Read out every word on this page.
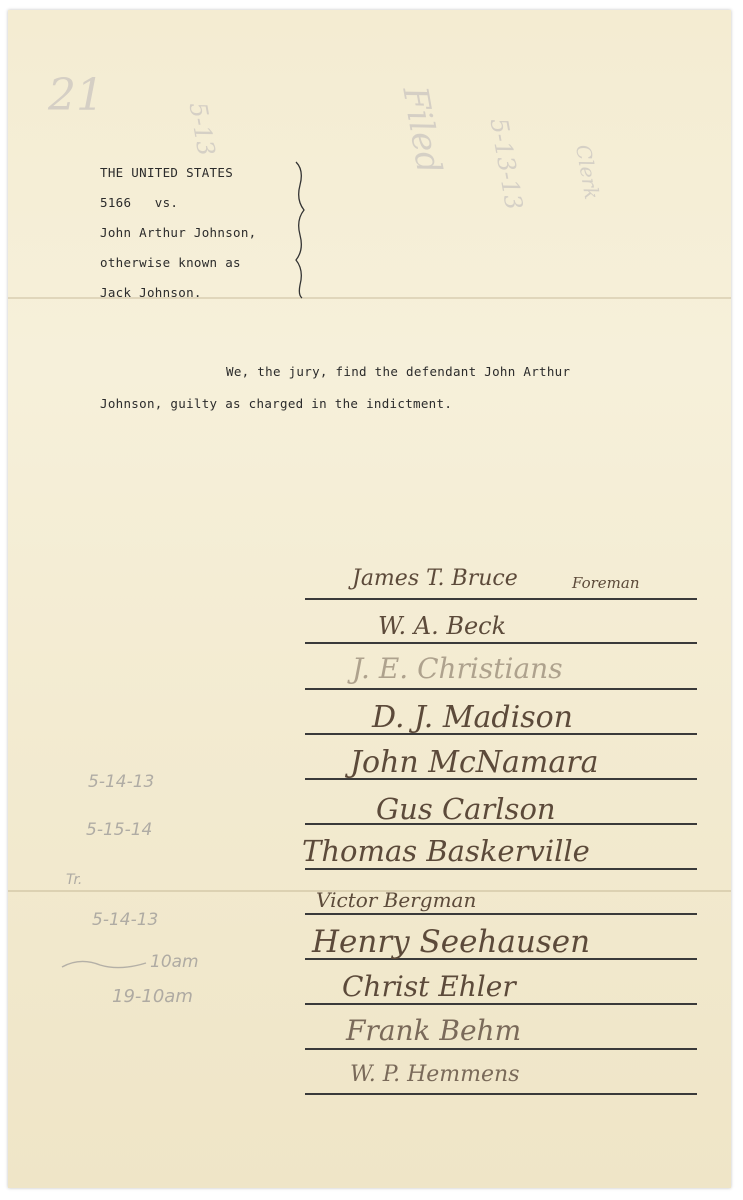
21
5-13	Filed	Clerk
5-13-13
THE UNITED STATES
5166   vs.
John Arthur Johnson,
otherwise known as
Jack Johnson.
We, the jury, find the defendant John Arthur
Johnson, guilty as charged in the indictment.
James T. Bruce	Foreman
W. A. Beck
J. E. Christians
D. J. Madison
John McNamara
Gus Carlson
Thomas Baskerville
Victor Bergman
Henry Seehausen
Christ Ehler
Frank Behm
W. P. Hemmens
5-14-13
5-15-14
Tr.
5-14-13
10am
19-10am
